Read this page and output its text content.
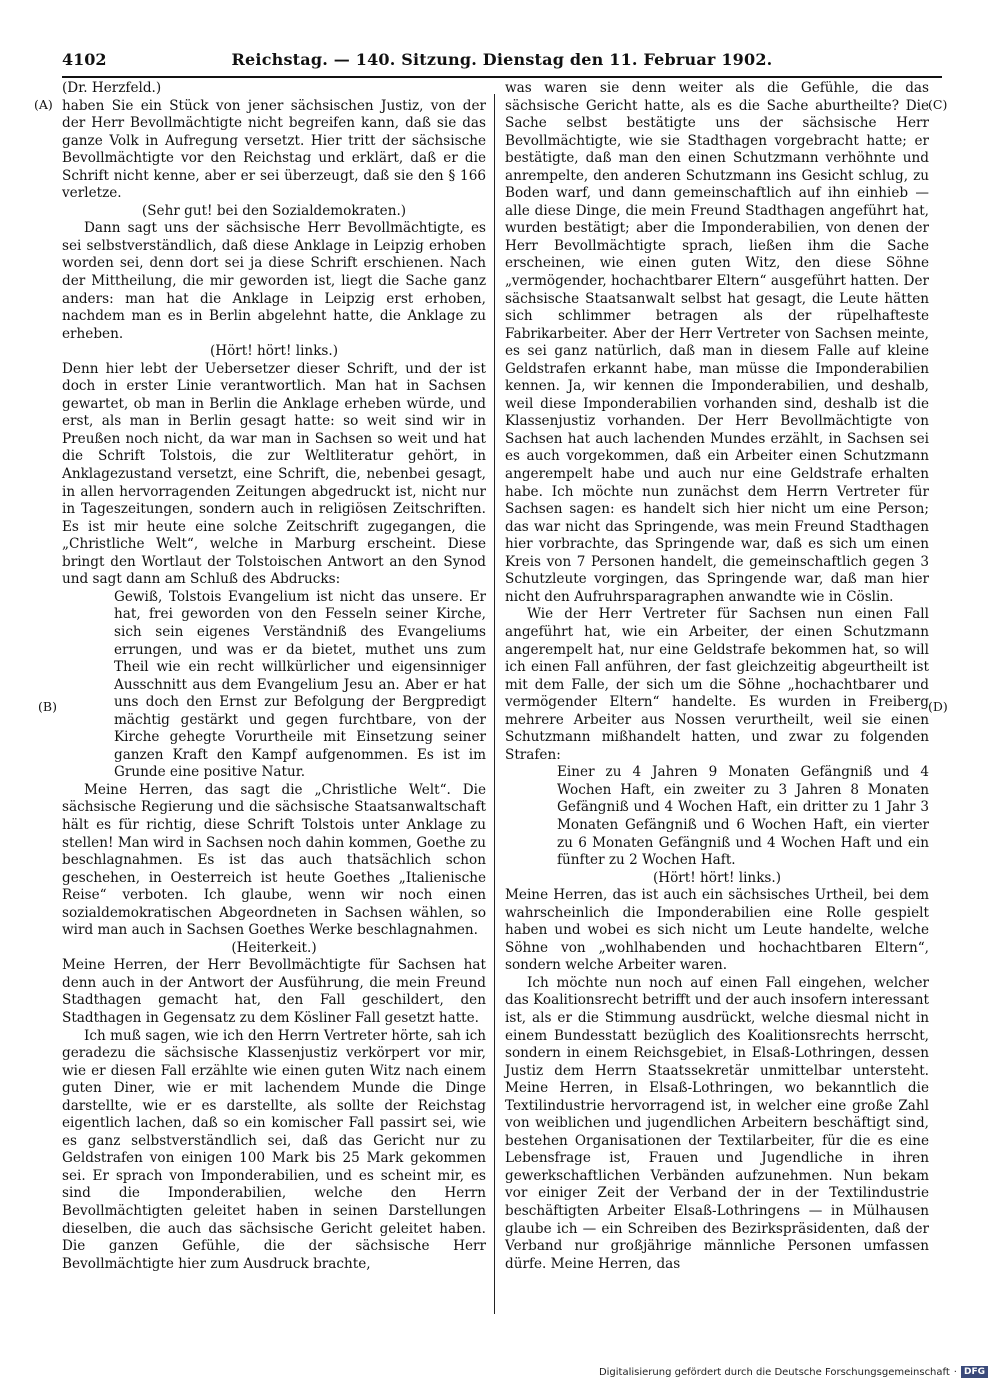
4102	Reichstag. — 140. Sitzung. Dienstag den 11. Februar 1902.
(A)
(B)
(C)
(D)

(Dr. Herzfeld.)

haben Sie ein Stück von jener sächsischen Justiz, von der der Herr Bevollmächtigte nicht begreifen kann, daß sie das ganze Volk in Aufregung versetzt. Hier tritt der sächsische Bevollmächtigte vor den Reichstag und erklärt, daß er die Schrift nicht kenne, aber er sei überzeugt, daß sie den § 166 verletze.

(Sehr gut! bei den Sozialdemokraten.)

Dann sagt uns der sächsische Herr Bevollmächtigte, es sei selbstverständlich, daß diese Anklage in Leipzig erhoben worden sei, denn dort sei ja diese Schrift erschienen. Nach der Mittheilung, die mir geworden ist, liegt die Sache ganz anders: man hat die Anklage in Leipzig erst erhoben, nachdem man es in Berlin abgelehnt hatte, die Anklage zu erheben.

(Hört! hört! links.)

Denn hier lebt der Uebersetzer dieser Schrift, und der ist doch in erster Linie verantwortlich. Man hat in Sachsen gewartet, ob man in Berlin die Anklage erheben würde, und erst, als man in Berlin gesagt hatte: so weit sind wir in Preußen noch nicht, da war man in Sachsen so weit und hat die Schrift Tolstois, die zur Weltliteratur gehört, in Anklagezustand versetzt, eine Schrift, die, nebenbei gesagt, in allen hervorragenden Zeitungen abgedruckt ist, nicht nur in Tageszeitungen, sondern auch in religiösen Zeitschriften. Es ist mir heute eine solche Zeitschrift zugegangen, die „Christliche Welt“, welche in Marburg erscheint. Diese bringt den Wortlaut der Tolstoischen Antwort an den Synod und sagt dann am Schluß des Abdrucks:

Gewiß, Tolstois Evangelium ist nicht das unsere. Er hat, frei geworden von den Fesseln seiner Kirche, sich sein eigenes Verständniß des Evangeliums errungen, und was er da bietet, muthet uns zum Theil wie ein recht willkürlicher und eigensinniger Ausschnitt aus dem Evangelium Jesu an. Aber er hat uns doch den Ernst zur Befolgung der Bergpredigt mächtig gestärkt und gegen furchtbare, von der Kirche gehegte Vorurtheile mit Einsetzung seiner ganzen Kraft den Kampf aufgenommen. Es ist im Grunde eine positive Natur.

Meine Herren, das sagt die „Christliche Welt“. Die sächsische Regierung und die sächsische Staatsanwaltschaft hält es für richtig, diese Schrift Tolstois unter Anklage zu stellen! Man wird in Sachsen noch dahin kommen, Goethe zu beschlagnahmen. Es ist das auch thatsächlich schon geschehen, in Oesterreich ist heute Goethes „Italienische Reise“ verboten. Ich glaube, wenn wir noch einen sozialdemokratischen Abgeordneten in Sachsen wählen, so wird man auch in Sachsen Goethes Werke beschlagnahmen.

(Heiterkeit.)

Meine Herren, der Herr Bevollmächtigte für Sachsen hat denn auch in der Antwort der Ausführung, die mein Freund Stadthagen gemacht hat, den Fall geschildert, den Stadthagen in Gegensatz zu dem Kösliner Fall gesetzt hatte.

Ich muß sagen, wie ich den Herrn Vertreter hörte, sah ich geradezu die sächsische Klassenjustiz verkörpert vor mir, wie er diesen Fall erzählte wie einen guten Witz nach einem guten Diner, wie er mit lachendem Munde die Dinge darstellte, wie er es darstellte, als sollte der Reichstag eigentlich lachen, daß so ein komischer Fall passirt sei, wie es ganz selbstverständlich sei, daß das Gericht nur zu Geldstrafen von einigen 100 Mark bis 25 Mark gekommen sei. Er sprach von Imponderabilien, und es scheint mir, es sind die Imponderabilien, welche den Herrn Bevollmächtigten geleitet haben in seinen Darstellungen dieselben, die auch das sächsische Gericht geleitet haben. Die ganzen Gefühle, die der sächsische Herr Bevollmächtigte hier zum Ausdruck brachte,

was waren sie denn weiter als die Gefühle, die das sächsische Gericht hatte, als es die Sache aburtheilte? Die Sache selbst bestätigte uns der sächsische Herr Bevollmächtigte, wie sie Stadthagen vorgebracht hatte; er bestätigte, daß man den einen Schutzmann verhöhnte und anrempelte, den anderen Schutzmann ins Gesicht schlug, zu Boden warf, und dann gemeinschaftlich auf ihn einhieb — alle diese Dinge, die mein Freund Stadthagen angeführt hat, wurden bestätigt; aber die Imponderabilien, von denen der Herr Bevollmächtigte sprach, ließen ihm die Sache erscheinen, wie einen guten Witz, den diese Söhne „vermögender, hochachtbarer Eltern“ ausgeführt hatten. Der sächsische Staatsanwalt selbst hat gesagt, die Leute hätten sich schlimmer betragen als der rüpelhafteste Fabrikarbeiter. Aber der Herr Vertreter von Sachsen meinte, es sei ganz natürlich, daß man in diesem Falle auf kleine Geldstrafen erkannt habe, man müsse die Imponderabilien kennen. Ja, wir kennen die Imponderabilien, und deshalb, weil diese Imponderabilien vorhanden sind, deshalb ist die Klassenjustiz vorhanden. Der Herr Bevollmächtigte von Sachsen hat auch lachenden Mundes erzählt, in Sachsen sei es auch vorgekommen, daß ein Arbeiter einen Schutzmann angerempelt habe und auch nur eine Geldstrafe erhalten habe. Ich möchte nun zunächst dem Herrn Vertreter für Sachsen sagen: es handelt sich hier nicht um eine Person; das war nicht das Springende, was mein Freund Stadthagen hier vorbrachte, das Springende war, daß es sich um einen Kreis von 7 Personen handelt, die gemeinschaftlich gegen 3 Schutzleute vorgingen, das Springende war, daß man hier nicht den Aufruhrsparagraphen anwandte wie in Cöslin.

Wie der Herr Vertreter für Sachsen nun einen Fall angeführt hat, wie ein Arbeiter, der einen Schutzmann angerempelt hat, nur eine Geldstrafe bekommen hat, so will ich einen Fall anführen, der fast gleichzeitig abgeurtheilt ist mit dem Falle, der sich um die Söhne „hochachtbarer und vermögender Eltern“ handelte. Es wurden in Freiberg mehrere Arbeiter aus Nossen verurtheilt, weil sie einen Schutzmann mißhandelt hatten, und zwar zu folgenden Strafen:

Einer zu 4 Jahren 9 Monaten Gefängniß und 4 Wochen Haft, ein zweiter zu 3 Jahren 8 Monaten Gefängniß und 4 Wochen Haft, ein dritter zu 1 Jahr 3 Monaten Gefängniß und 6 Wochen Haft, ein vierter zu 6 Monaten Gefängniß und 4 Wochen Haft und ein fünfter zu 2 Wochen Haft.

(Hört! hört! links.)

Meine Herren, das ist auch ein sächsisches Urtheil, bei dem wahrscheinlich die Imponderabilien eine Rolle gespielt haben und wobei es sich nicht um Leute handelte, welche Söhne von „wohlhabenden und hochachtbaren Eltern“, sondern welche Arbeiter waren.

Ich möchte nun noch auf einen Fall eingehen, welcher das Koalitionsrecht betrifft und der auch insofern interessant ist, als er die Stimmung ausdrückt, welche diesmal nicht in einem Bundesstatt bezüglich des Koalitionsrechts herrscht, sondern in einem Reichsgebiet, in Elsaß-Lothringen, dessen Justiz dem Herrn Staatssekretär unmittelbar untersteht. Meine Herren, in Elsaß-Lothringen, wo bekanntlich die Textilindustrie hervorragend ist, in welcher eine große Zahl von weiblichen und jugendlichen Arbeitern beschäftigt sind, bestehen Organisationen der Textilarbeiter, für die es eine Lebensfrage ist, Frauen und Jugendliche in ihren gewerkschaftlichen Verbänden aufzunehmen. Nun bekam vor einiger Zeit der Verband der in der Textilindustrie beschäftigten Arbeiter Elsaß-Lothringens — in Mülhausen glaube ich — ein Schreiben des Bezirkspräsidenten, daß der Verband nur großjährige männliche Personen umfassen dürfe. Meine Herren, das

Digitalisierung gefördert durch die Deutsche Forschungsgemeinschaft · DFG
